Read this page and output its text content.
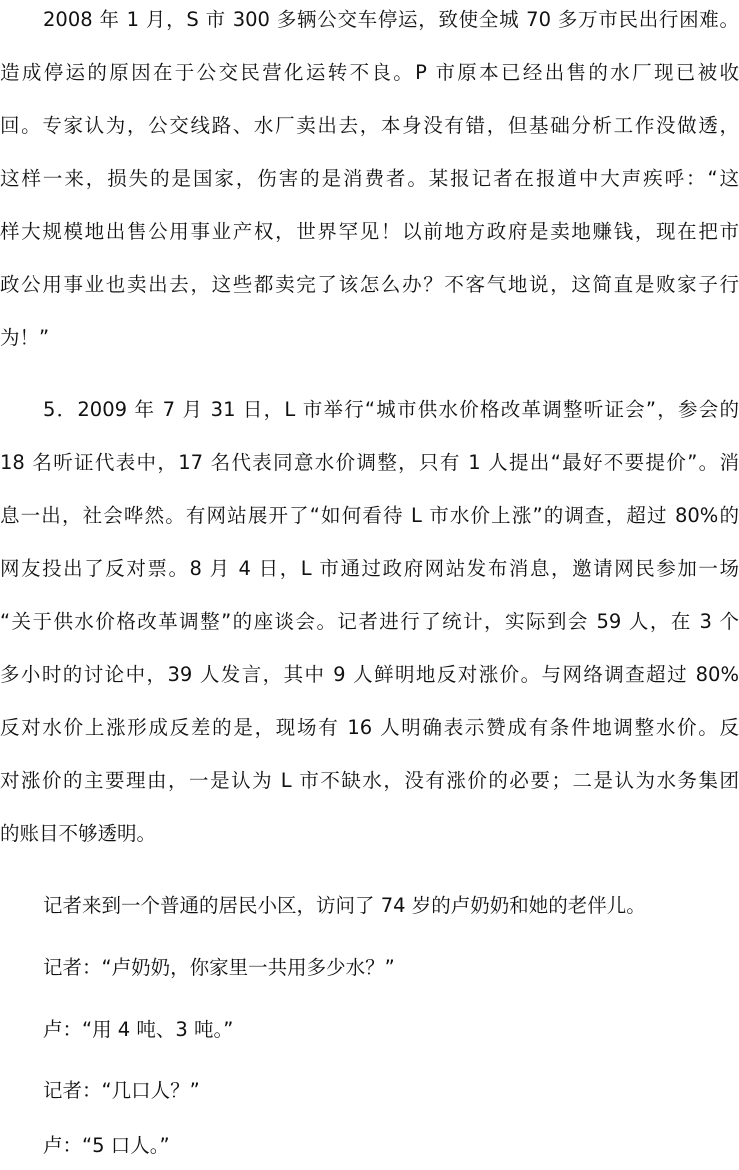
2008 年 1 月，S 市 300 多辆公交车停运，致使全城 70 多万市民出行困难。
造成停运的原因在于公交民营化运转不良。P 市原本已经出售的水厂现已被收
回。专家认为，公交线路、水厂卖出去，本身没有错，但基础分析工作没做透，
这样一来，损失的是国家，伤害的是消费者。某报记者在报道中大声疾呼：“这
样大规模地出售公用事业产权，世界罕见！以前地方政府是卖地赚钱，现在把市
政公用事业也卖出去，这些都卖完了该怎么办？不客气地说，这简直是败家子行
为！”
5．2009 年 7 月 31 日，L 市举行“城市供水价格改革调整听证会”，参会的
18 名听证代表中，17 名代表同意水价调整，只有 1 人提出“最好不要提价”。消
息一出，社会哗然。有网站展开了“如何看待 L 市水价上涨”的调查，超过 80%的
网友投出了反对票。8 月 4 日，L 市通过政府网站发布消息，邀请网民参加一场
“关于供水价格改革调整”的座谈会。记者进行了统计，实际到会 59 人，在 3 个
多小时的讨论中，39 人发言，其中 9 人鲜明地反对涨价。与网络调查超过 80%
反对水价上涨形成反差的是，现场有 16 人明确表示赞成有条件地调整水价。反
对涨价的主要理由，一是认为 L 市不缺水，没有涨价的必要；二是认为水务集团
的账目不够透明。
记者来到一个普通的居民小区，访问了 74 岁的卢奶奶和她的老伴儿。
记者：“卢奶奶，你家里一共用多少水？”
卢：“用 4 吨、3 吨。”
记者：“几口人？”
卢：“5 口人。”
